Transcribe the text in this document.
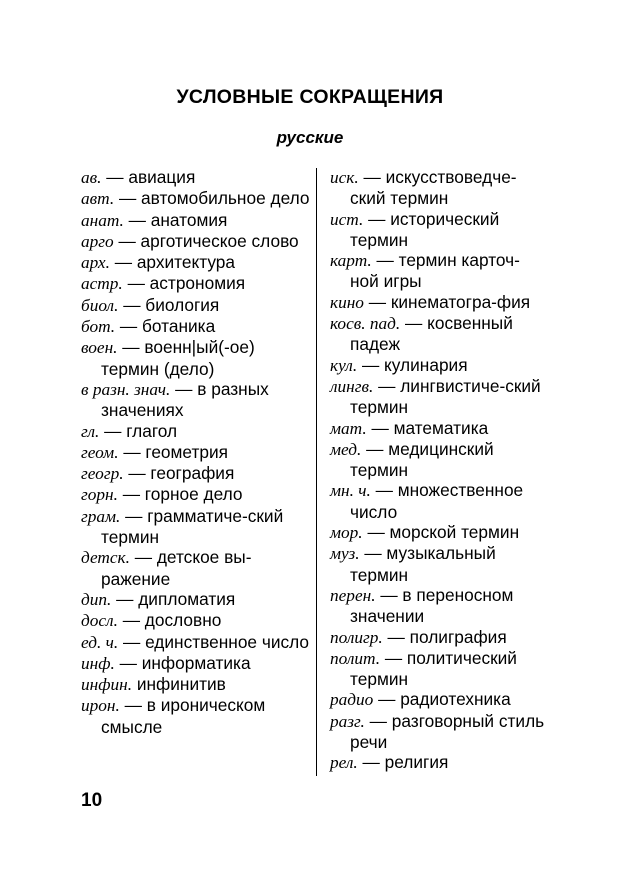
УСЛОВНЫЕ СОКРАЩЕНИЯ
русские

ав. — авиация

авт. — автомобильное дело

анат. — анатомия

арго — арготическое слово

арх. — архитектура

астр. — астрономия

биол. — биология

бот. — ботаника

воен. — военн|ый(-ое) термин (дело)

в разн. знач. — в разных значениях

гл. — глагол

геом. — геометрия

геогр. — география

горн. — горное дело

грам. — грамматиче-ский термин

детск. — детское вы-ражение

дип. — дипломатия

досл. — дословно

ед. ч. — единственное число

инф. — информатика

инфин. инфинитив

ирон. — в ироническом смысле

иск. — искусствоведче-ский термин

ист. — исторический термин

карт. — термин карточ-ной игры

кино — кинематогра-фия

косв. пад. — косвенный падеж

кул. — кулинария

лингв. — лингвистиче-ский термин

мат. — математика

мед. — медицинский термин

мн. ч. — множественное число

мор. — морской термин

муз. — музыкальный термин

перен. — в переносном значении

полигр. — полиграфия

полит. — политический термин

радио — радиотехника

разг. — разговорный стиль речи

рел. — религия

10
